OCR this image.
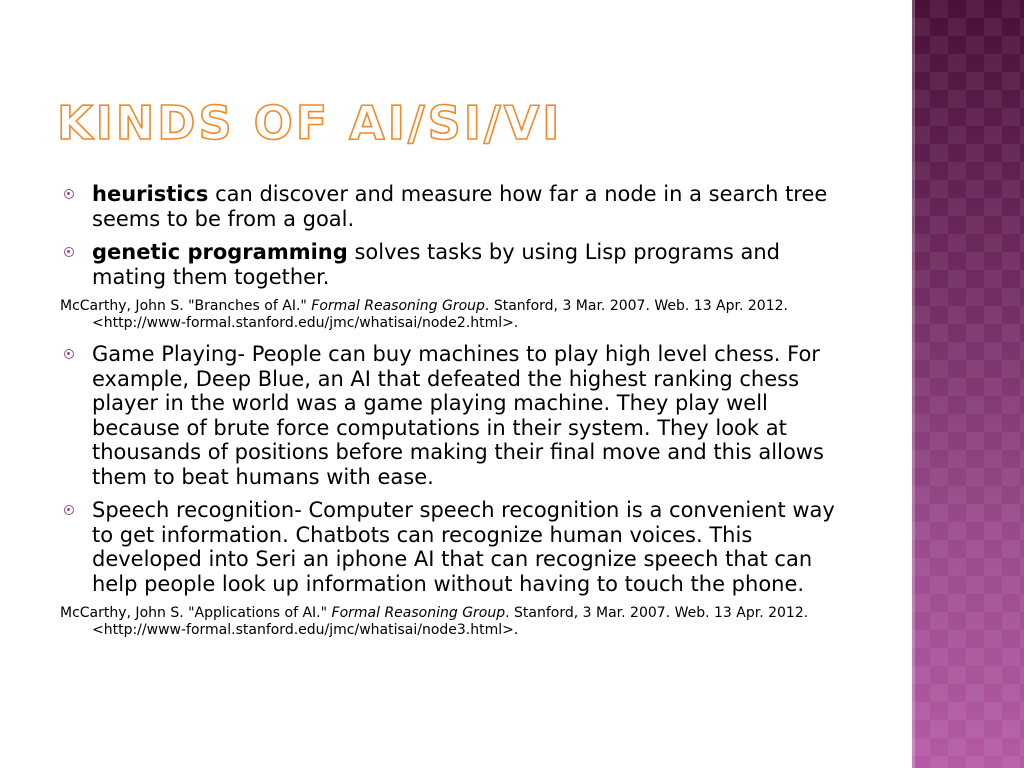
KINDS OF AI/SI/VI
heuristics can discover and measure how far a node in a search tree seems to be from a goal.
genetic programming solves tasks by using Lisp programs and mating them together.

McCarthy, John S. "Branches of AI." Formal Reasoning Group. Stanford, 3 Mar. 2007. Web. 13 Apr. 2012. <http://www-formal.stanford.edu/jmc/whatisai/node2.html>.

Game Playing- People can buy machines to play high level chess. For example, Deep Blue, an AI that defeated the highest ranking chess player in the world was a game playing machine. They play well because of brute force computations in their system. They look at thousands of positions before making their final move and this allows them to beat humans with ease.
Speech recognition- Computer speech recognition is a convenient way to get information. Chatbots can recognize human voices. This developed into Seri an iphone AI that can recognize speech that can help people look up information without having to touch the phone.

McCarthy, John S. "Applications of AI." Formal Reasoning Group. Stanford, 3 Mar. 2007. Web. 13 Apr. 2012. <http://www-formal.stanford.edu/jmc/whatisai/node3.html>.
